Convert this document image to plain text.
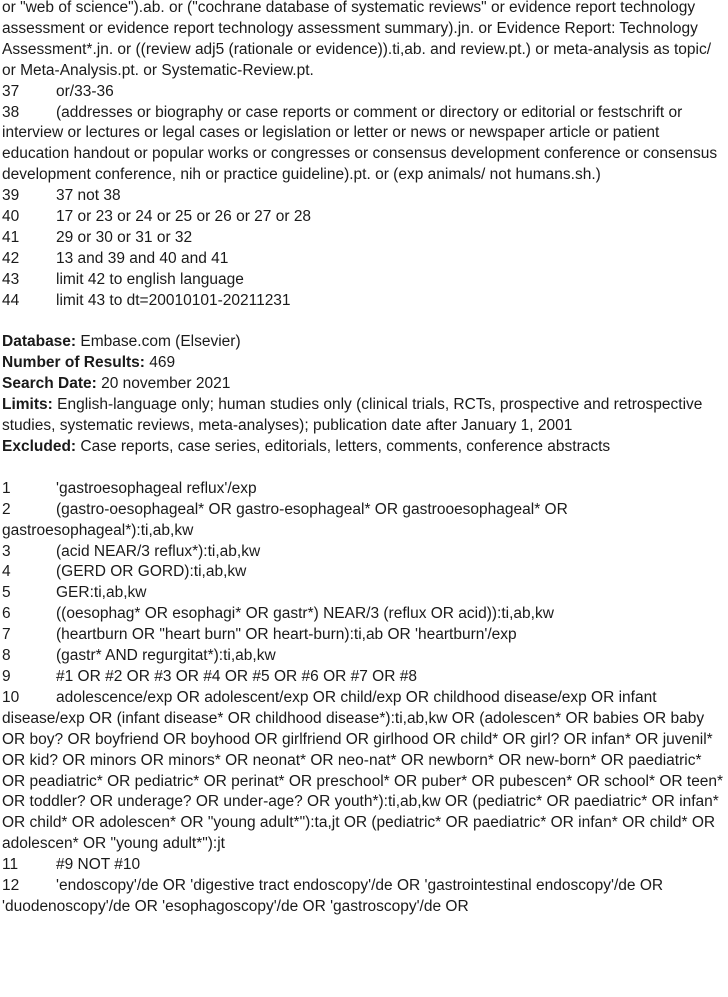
or "web of science").ab. or ("cochrane database of systematic reviews" or evidence report technology assessment or evidence report technology assessment summary).jn. or Evidence Report: Technology Assessment*.jn. or ((review adj5 (rationale or evidence)).ti,ab. and review.pt.) or meta-analysis as topic/ or Meta-Analysis.pt. or Systematic-Review.pt.

37 or/33-36
38 (addresses or biography or case reports or comment or directory or editorial or festschrift or interview or lectures or legal cases or legislation or letter or news or newspaper article or patient education handout or popular works or congresses or consensus development conference or consensus development conference, nih or practice guideline).pt. or (exp animals/ not humans.sh.)
39 37 not 38
40 17 or 23 or 24 or 25 or 26 or 27 or 28
41 29 or 30 or 31 or 32
42 13 and 39 and 40 and 41
43 limit 42 to english language
44 limit 43 to dt=20010101-20211231
Database: Embase.com (Elsevier)
Number of Results: 469
Search Date: 20 november 2021
Limits: English-language only; human studies only (clinical trials, RCTs, prospective and retrospective studies, systematic reviews, meta-analyses); publication date after January 1, 2001
Excluded: Case reports, case series, editorials, letters, comments, conference abstracts
1	'gastroesophageal reflux'/exp
2	(gastro-oesophageal* OR gastro-esophageal* OR gastrooesophageal* OR gastroesophageal*):ti,ab,kw
3	(acid NEAR/3 reflux*):ti,ab,kw
4	(GERD OR GORD):ti,ab,kw
5	GER:ti,ab,kw
6	((oesophag* OR esophagi* OR gastr*) NEAR/3 (reflux OR acid)):ti,ab,kw
7	(heartburn OR "heart burn" OR heart-burn):ti,ab OR 'heartburn'/exp
8	(gastr* AND regurgitat*):ti,ab,kw
9	#1 OR #2 OR #3 OR #4 OR #5 OR #6 OR #7 OR #8
10 adolescence/exp OR adolescent/exp OR child/exp OR childhood disease/exp OR infant disease/exp OR (infant disease* OR childhood disease*):ti,ab,kw OR (adolescen* OR babies OR baby OR boy? OR boyfriend OR boyhood OR girlfriend OR girlhood OR child* OR girl? OR infan* OR juvenil* OR kid? OR minors OR minors* OR neonat* OR neo-nat* OR newborn* OR new-born* OR paediatric* OR peadiatric* OR pediatric* OR perinat* OR preschool* OR puber* OR pubescen* OR school* OR teen* OR toddler? OR underage? OR under-age? OR youth*):ti,ab,kw OR (pediatric* OR paediatric* OR infan* OR child* OR adolescen* OR "young adult*"):ta,jt OR (pediatric* OR paediatric* OR infan* OR child* OR adolescen* OR "young adult*"):jt
11 #9 NOT #10
12 'endoscopy'/de OR 'digestive tract endoscopy'/de OR 'gastrointestinal endoscopy'/de OR 'duodenoscopy'/de OR 'esophagoscopy'/de OR 'gastroscopy'/de OR
